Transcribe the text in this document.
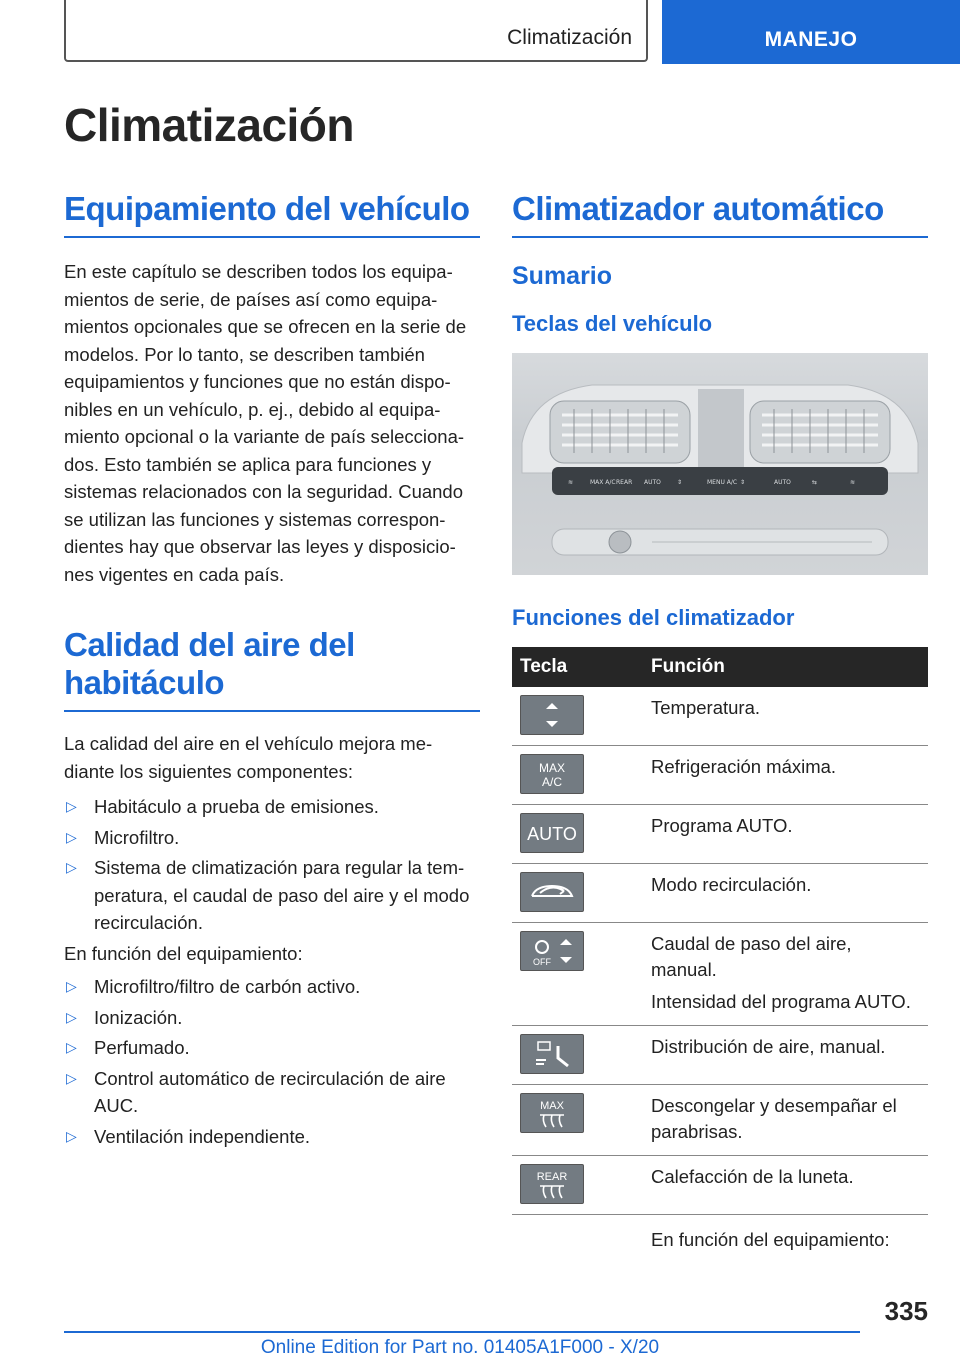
Climatización	MANEJO
Climatización
Equipamiento del vehículo

En este capítulo se describen todos los equipa-
mientos de serie, de países así como equipa-
mientos opcionales que se ofrecen en la serie de
modelos. Por lo tanto, se describen también
equipamientos y funciones que no están dispo-
nibles en un vehículo, p. ej., debido al equipa-
miento opcional o la variante de país selecciona-
dos. Esto también se aplica para funciones y
sistemas relacionados con la seguridad. Cuando
se utilizan las funciones y sistemas correspon-
dientes hay que observar las leyes y disposicio-
nes vigentes en cada país.

Calidad del aire del
habitáculo

La calidad del aire en el vehículo mejora me-
diante los siguientes componentes:

▷ Habitáculo a prueba de emisiones.
▷ Microfiltro.
▷ Sistema de climatización para regular la tem-
peratura, el caudal de paso del aire y el modo
recirculación.

En función del equipamiento:

▷ Microfiltro/filtro de carbón activo.
▷ Ionización.
▷ Perfumado.
▷ Control automático de recirculación de aire
AUC.
▷ Ventilación independiente.
Climatizador automático
Sumario
Teclas del vehículo
≋	MAX A/C REAR AUTO	⇕	MENU A/C ⇕	AUTO	⇆	≋
Funciones del climatizador
Tecla	Función

	Temperatura.

MAX
A/C	Refrigeración máxima.

AUTO	Programa AUTO.

	Modo recirculación.

OFF	Caudal de paso del aire, manual.
Intensidad del programa AUTO.

	Distribución de aire, manual.

MAX	Descongelar y desempañar el
parabrisas.

REAR	Calefacción de la luneta.
	En función del equipamiento:
335
Online Edition for Part no. 01405A1F000 - X/20
